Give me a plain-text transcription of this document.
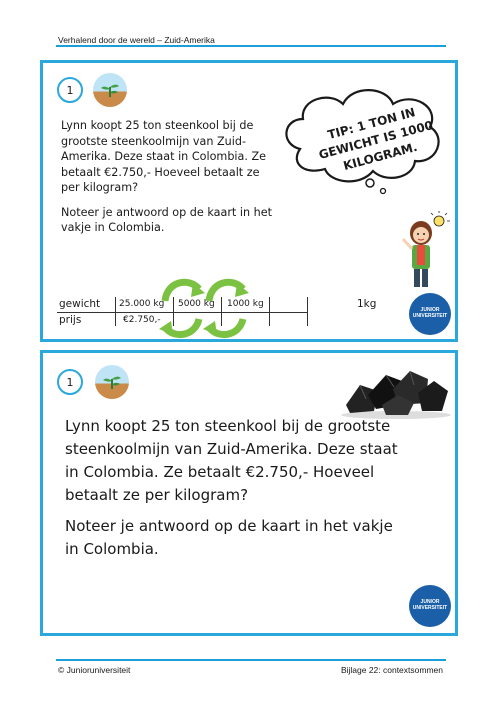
Verhalend door de wereld – Zuid-Amerika
1

Lynn koopt 25 ton steenkool bij de grootste steenkoolmijn van Zuid-Amerika. Deze staat in Colombia. Ze betaalt €2.750,- Hoeveel betaalt ze per kilogram?

Noteer je antwoord op de kaart in het vakje in Colombia.

TIP: 1 TON IN GEWICHT IS 1000 KILOGRAM.
gewicht
prijs
25.000 kg 5000 kg 1000 kg	1kg
€2.750,-
JUNIOR UNIVERSITEIT
1

Lynn koopt 25 ton steenkool bij de grootste steenkoolmijn van Zuid-Amerika. Deze staat in Colombia. Ze betaalt €2.750,- Hoeveel betaalt ze per kilogram?

Noteer je antwoord op de kaart in het vakje in Colombia.

JUNIOR UNIVERSITEIT
© Junioruniversiteit	Bijlage 22: contextsommen
